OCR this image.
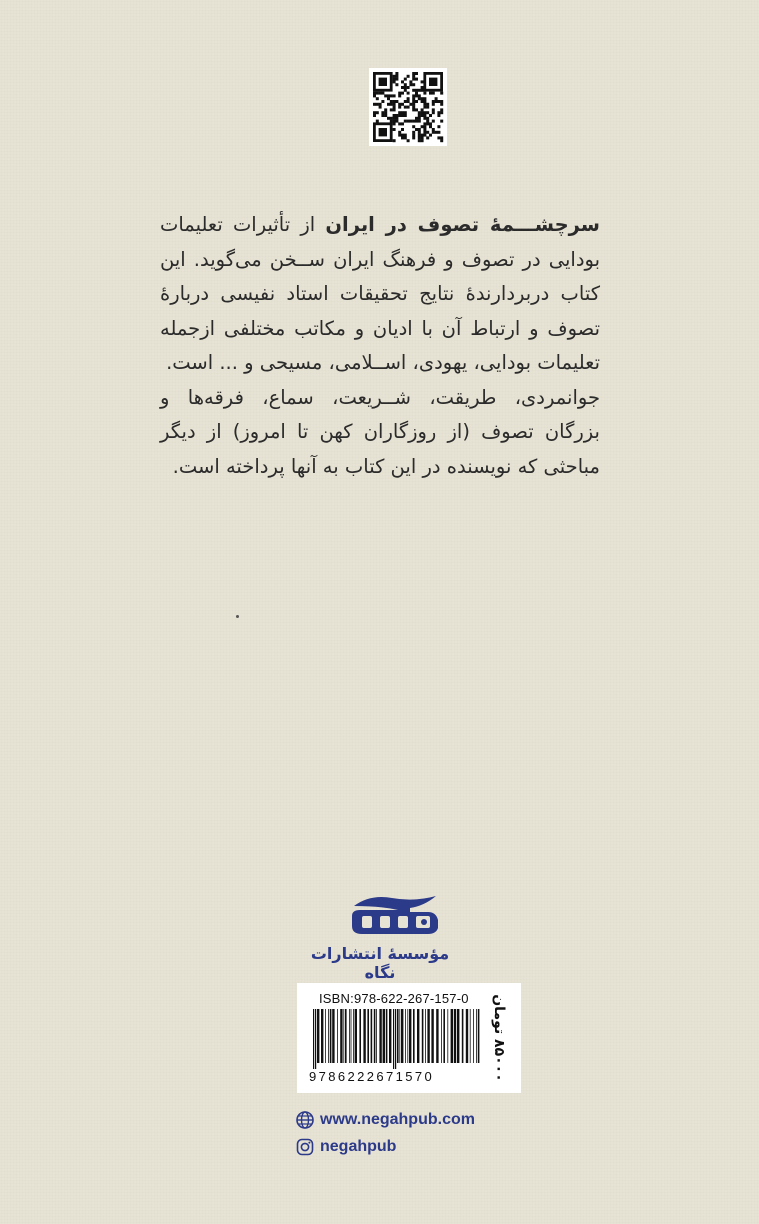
سرچشـــمهٔ تصوف در ایران از تأثیرات تعلیمات بودایی در تصوف و فرهنگ ایران ســخن می‌گوید. این کتاب دربردارندهٔ نتایج تحقیقات استاد نفیسی دربارهٔ تصوف و ارتباط آن با ادیان و مکاتب مختلفی ازجمله تعلیمات بودایی، یهودی، اســلامی، مسیحی و ... است.

جوانمردی، طریقت، شــریعت، سماع، فرقه‌ها و بزرگان تصوف (از روزگاران کهن تا امروز) از دیگر مباحثی که نویسنده در این کتاب به آنها پرداخته است.

مؤسسهٔ انتشارات نگاه
ISBN:978-622-267-157-0
9786222671570
۸۵۰۰۰ تومان
www.negahpub.com
negahpub
